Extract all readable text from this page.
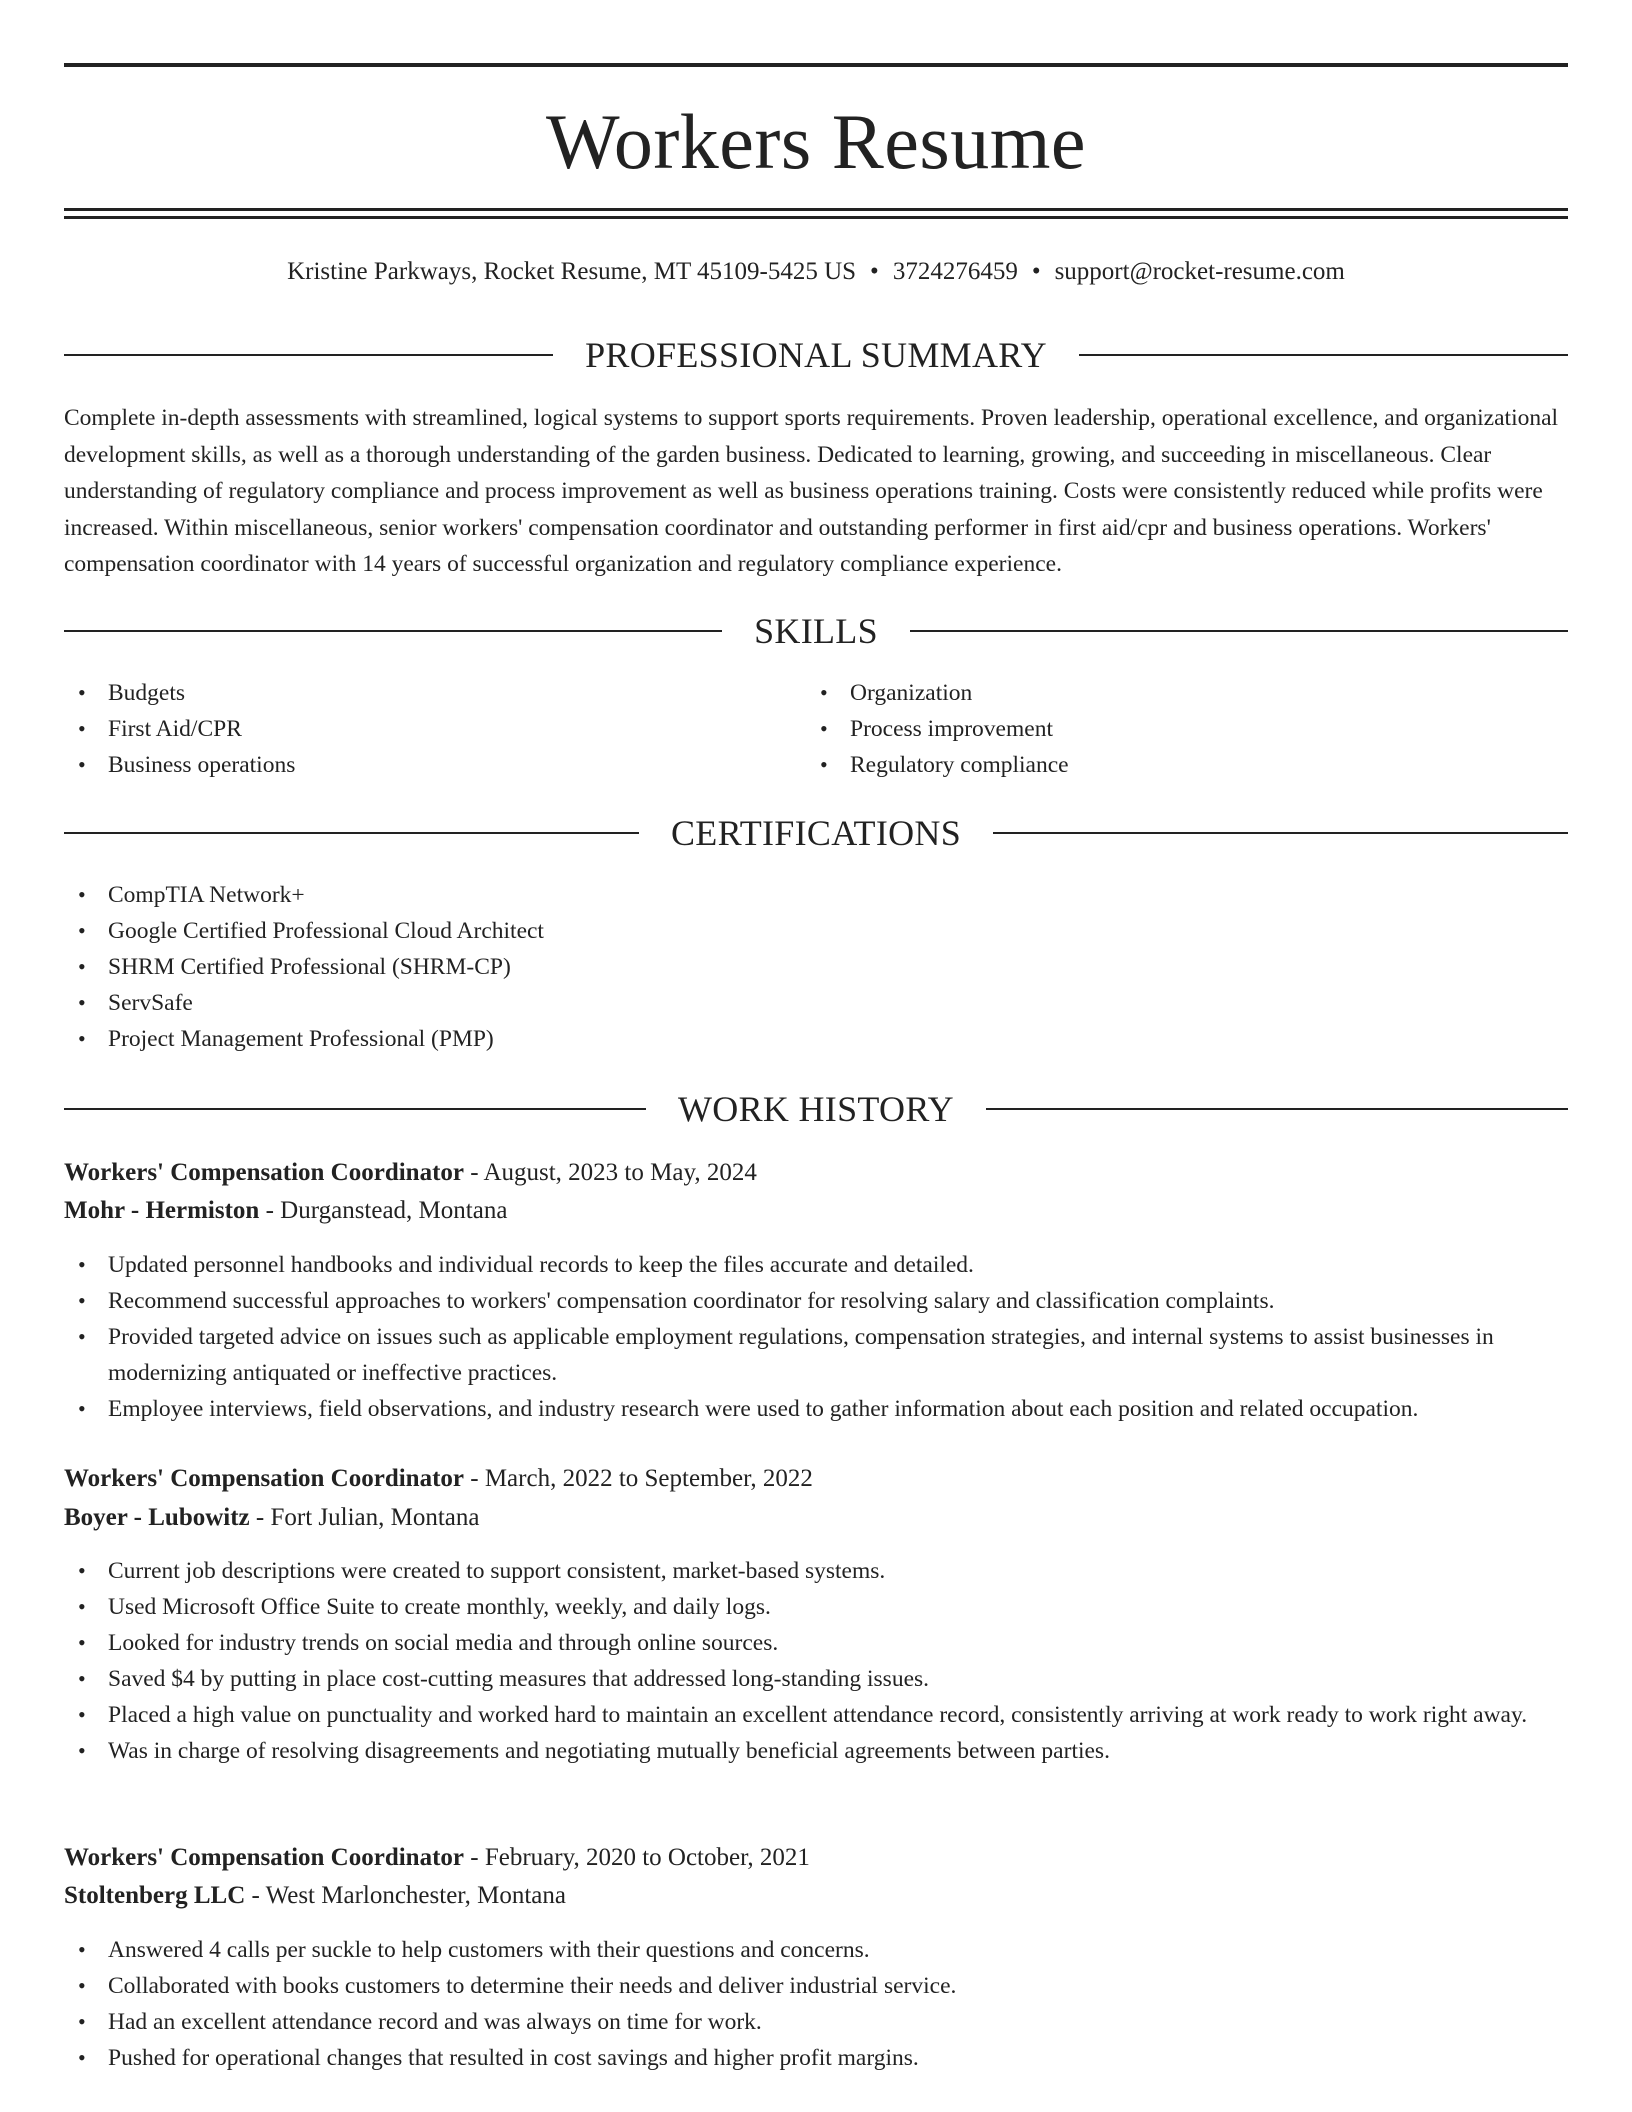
Workers Resume
Kristine Parkways, Rocket Resume, MT 45109-5425 US • 3724276459 • support@rocket-resume.com
PROFESSIONAL SUMMARY

Complete in-depth assessments with streamlined, logical systems to support sports requirements. Proven leadership, operational excellence, and organizational development skills, as well as a thorough understanding of the garden business. Dedicated to learning, growing, and succeeding in miscellaneous. Clear understanding of regulatory compliance and process improvement as well as business operations training. Costs were consistently reduced while profits were increased. Within miscellaneous, senior workers' compensation coordinator and outstanding performer in first aid/cpr and business operations. Workers' compensation coordinator with 14 years of successful organization and regulatory compliance experience.

SKILLS
• Budgets
• First Aid/CPR
• Business operations
• Organization
• Process improvement
• Regulatory compliance
CERTIFICATIONS
• CompTIA Network+
• Google Certified Professional Cloud Architect
• SHRM Certified Professional (SHRM-CP)
• ServSafe
• Project Management Professional (PMP)
WORK HISTORY
Workers' Compensation Coordinator - August, 2023 to May, 2024
Mohr - Hermiston - Durganstead, Montana
• Updated personnel handbooks and individual records to keep the files accurate and detailed.
• Recommend successful approaches to workers' compensation coordinator for resolving salary and classification complaints.
• Provided targeted advice on issues such as applicable employment regulations, compensation strategies, and internal systems to assist businesses in modernizing antiquated or ineffective practices.
• Employee interviews, field observations, and industry research were used to gather information about each position and related occupation.
Workers' Compensation Coordinator - March, 2022 to September, 2022
Boyer - Lubowitz - Fort Julian, Montana
• Current job descriptions were created to support consistent, market-based systems.
• Used Microsoft Office Suite to create monthly, weekly, and daily logs.
• Looked for industry trends on social media and through online sources.
• Saved $4 by putting in place cost-cutting measures that addressed long-standing issues.
• Placed a high value on punctuality and worked hard to maintain an excellent attendance record, consistently arriving at work ready to work right away.
• Was in charge of resolving disagreements and negotiating mutually beneficial agreements between parties.
Workers' Compensation Coordinator - February, 2020 to October, 2021
Stoltenberg LLC - West Marlonchester, Montana
• Answered 4 calls per suckle to help customers with their questions and concerns.
• Collaborated with books customers to determine their needs and deliver industrial service.
• Had an excellent attendance record and was always on time for work.
• Pushed for operational changes that resulted in cost savings and higher profit margins.
